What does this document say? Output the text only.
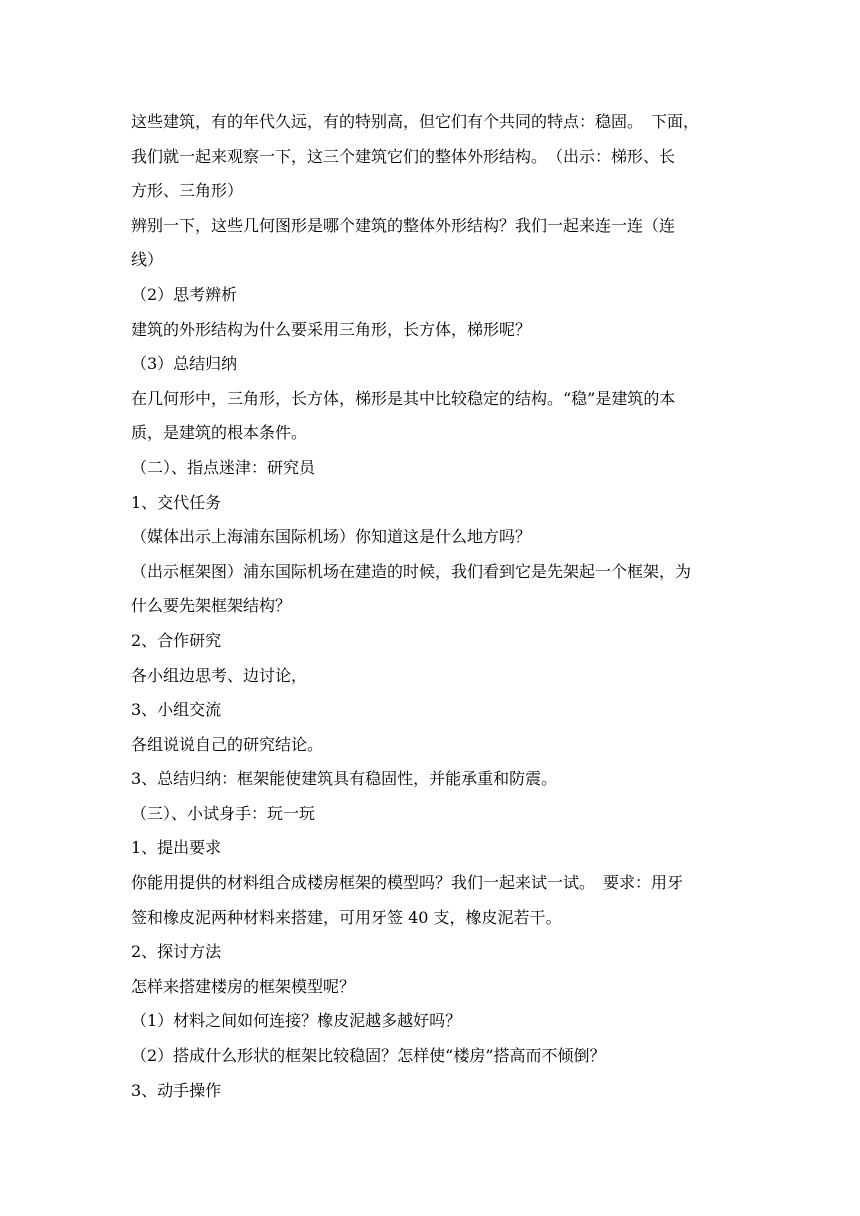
这些建筑，有的年代久远，有的特别高，但它们有个共同的特点：稳固。　下面，
我们就一起来观察一下，这三个建筑它们的整体外形结构。　（出示：梯形、长
方形、三角形）
辨别一下，这些几何图形是哪个建筑的整体外形结构？我们一起来连一连（连
线）
（2）思考辨析
建筑的外形结构为什么要采用三角形，长方体，梯形呢？
（3）总结归纳
在几何形中，三角形，长方体，梯形是其中比较稳定的结构。“稳”是建筑的本
质，是建筑的根本条件。
（二）、指点迷津：研究员
1、交代任务
（媒体出示上海浦东国际机场）你知道这是什么地方吗？
（出示框架图）浦东国际机场在建造的时候，我们看到它是先架起一个框架，为
什么要先架框架结构？
2、合作研究
各小组边思考、边讨论，
3、小组交流
各组说说自己的研究结论。
3、总结归纳：框架能使建筑具有稳固性，并能承重和防震。
（三）、小试身手：玩一玩
1、提出要求
你能用提供的材料组合成楼房框架的模型吗？我们一起来试一试。　要求：用牙
签和橡皮泥两种材料来搭建，可用牙签 40 支，橡皮泥若干。
2、探讨方法
怎样来搭建楼房的框架模型呢？
（1）材料之间如何连接？橡皮泥越多越好吗？
（2）搭成什么形状的框架比较稳固？怎样使“楼房”搭高而不倾倒？
3、动手操作
